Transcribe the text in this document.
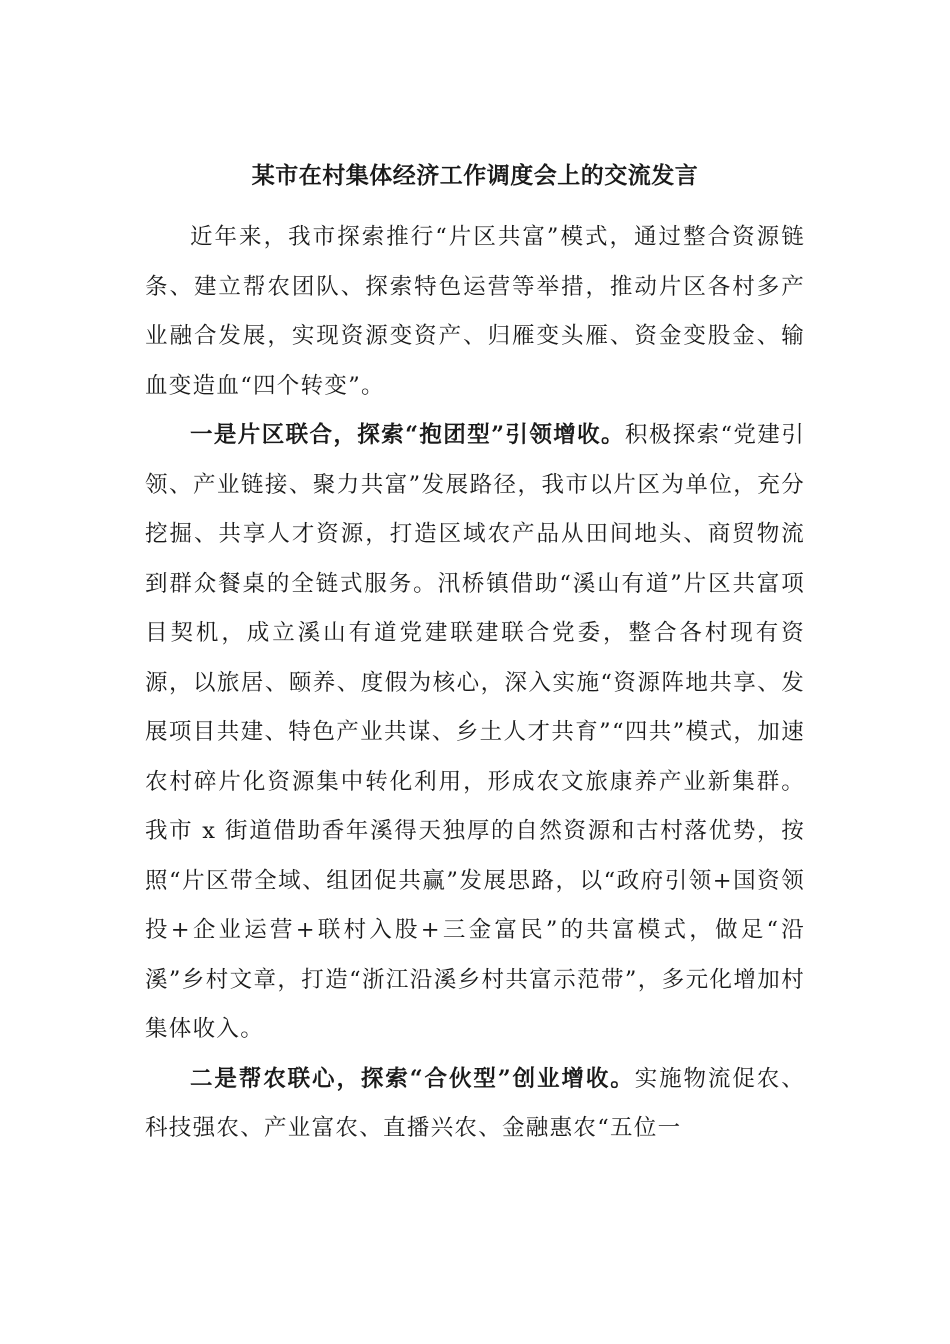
某市在村集体经济工作调度会上的交流发言

近年来，我市探索推行“片区共富”模式，通过整合资源链条、建立帮农团队、探索特色运营等举措，推动片区各村多产业融合发展，实现资源变资产、归雁变头雁、资金变股金、输血变造血“四个转变”。

一是片区联合，探索“抱团型”引领增收。积极探索“党建引领、产业链接、聚力共富”发展路径，我市以片区为单位，充分挖掘、共享人才资源，打造区域农产品从田间地头、商贸物流到群众餐桌的全链式服务。汛桥镇借助“溪山有道”片区共富项目契机，成立溪山有道党建联建联合党委，整合各村现有资源，以旅居、颐养、度假为核心，深入实施“资源阵地共享、发展项目共建、特色产业共谋、乡土人才共育”“四共”模式，加速农村碎片化资源集中转化利用，形成农文旅康养产业新集群。我市 x 街道借助香年溪得天独厚的自然资源和古村落优势，按照“片区带全域、组团促共赢”发展思路，以“政府引领+国资领投+企业运营+联村入股+三金富民”的共富模式，做足“沿溪”乡村文章，打造“浙江沿溪乡村共富示范带”，多元化增加村集体收入。

二是帮农联心，探索“合伙型”创业增收。实施物流促农、科技强农、产业富农、直播兴农、金融惠农“五位一
